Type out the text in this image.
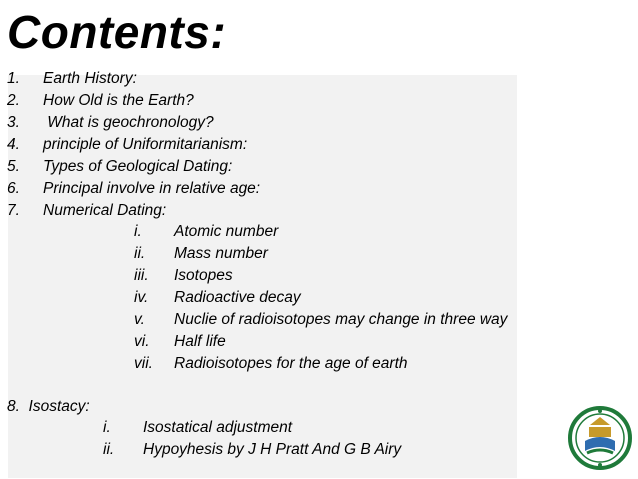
Contents:
1. Earth History:
2. How Old is the Earth?
3. What is geochronology?
4. principle of Uniformitarianism:
5. Types of Geological Dating:
6. Principal involve in relative age:
7. Numerical Dating:
i. Atomic number
ii. Mass number
iii. Isotopes
iv. Radioactive decay
v. Nuclie of radioisotopes may change in three way
vi. Half life
vii. Radioisotopes for the age of earth
8.  Isostacy:
i. Isostatical adjustment
ii. Hypoyhesis by J H Pratt And G B Airy
